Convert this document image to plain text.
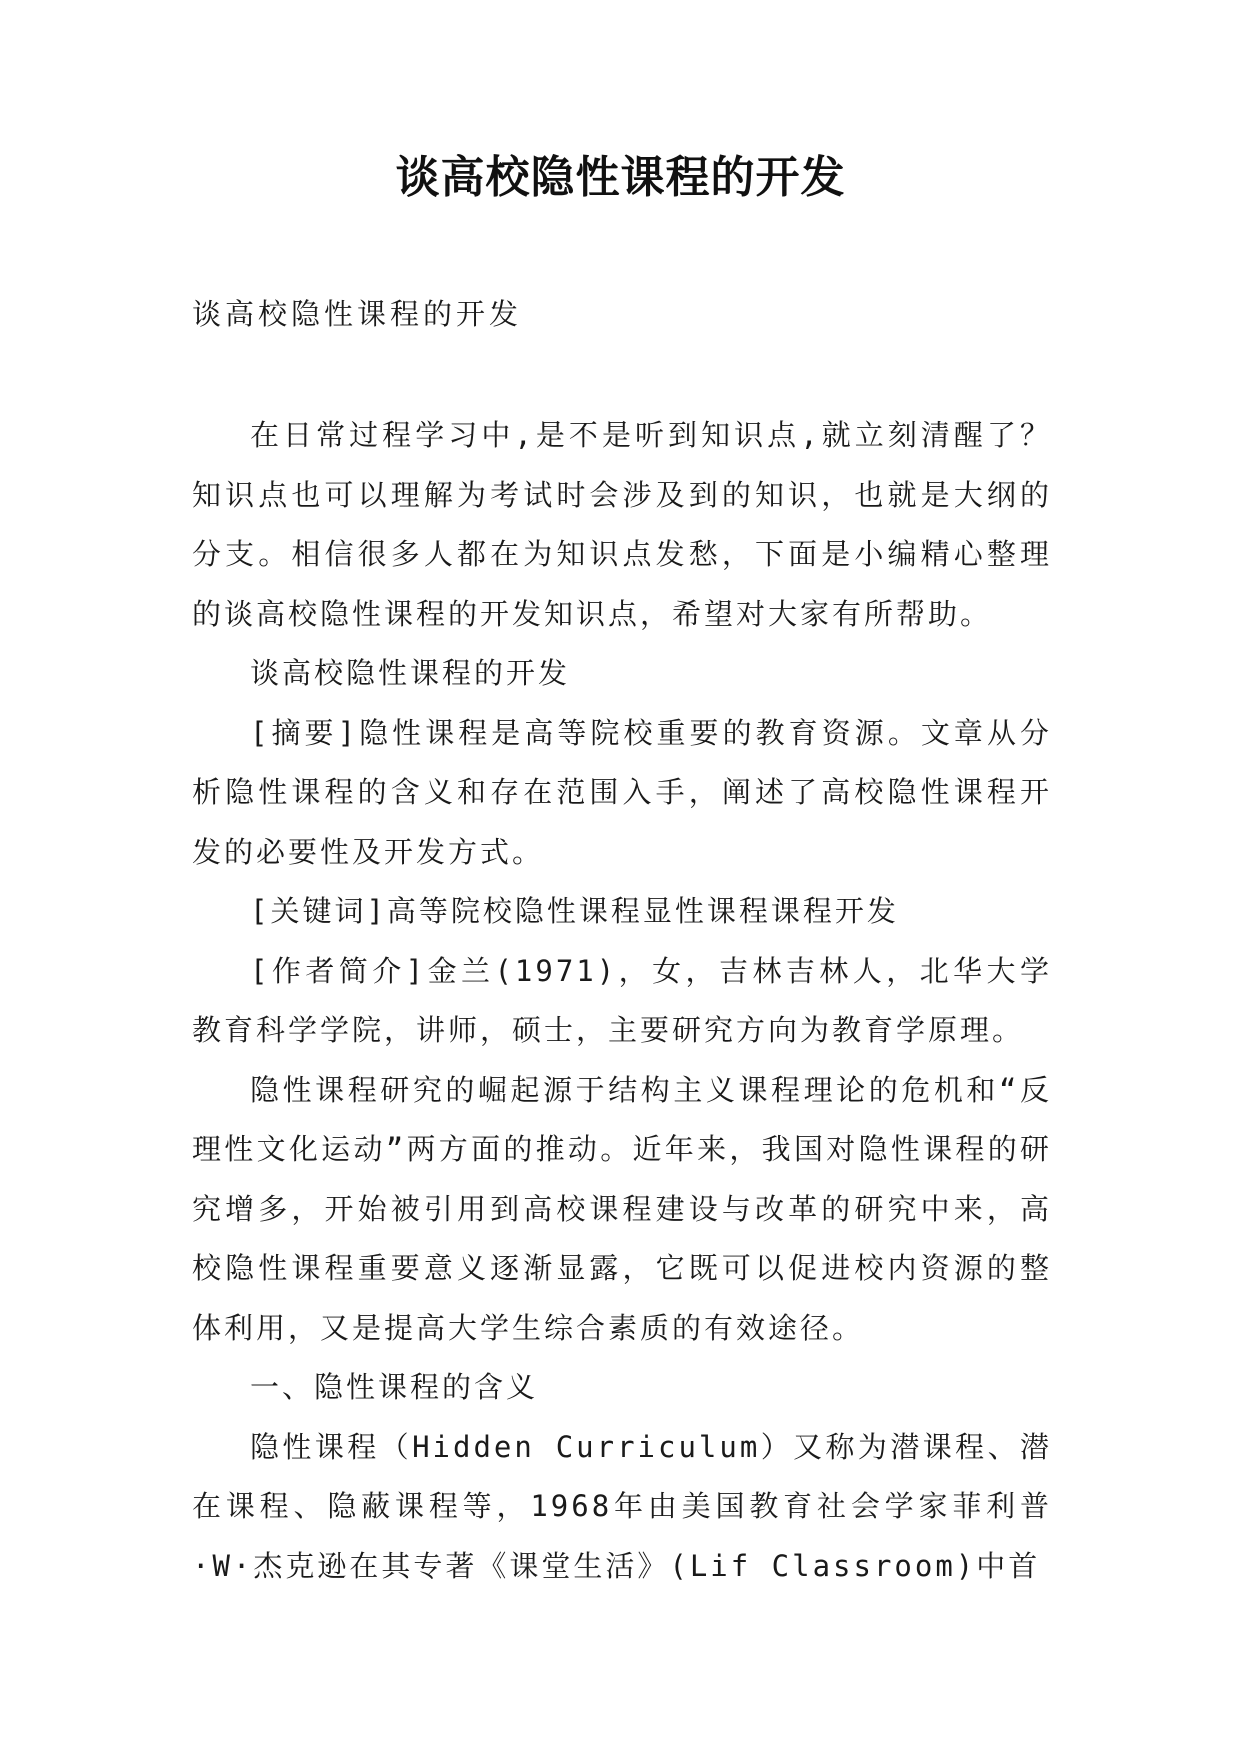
谈高校隐性课程的开发
谈高校隐性课程的开发

在日常过程学习中,是不是听到知识点,就立刻清醒了？知识点也可以理解为考试时会涉及到的知识，也就是大纲的分支。相信很多人都在为知识点发愁，下面是小编精心整理的谈高校隐性课程的开发知识点，希望对大家有所帮助。

谈高校隐性课程的开发

[摘要]隐性课程是高等院校重要的教育资源。文章从分析隐性课程的含义和存在范围入手，阐述了高校隐性课程开发的必要性及开发方式。

[关键词]高等院校隐性课程显性课程课程开发

[作者简介]金兰(1971)，女，吉林吉林人，北华大学教育科学学院，讲师，硕士，主要研究方向为教育学原理。

隐性课程研究的崛起源于结构主义课程理论的危机和“反理性文化运动”两方面的推动。近年来，我国对隐性课程的研究增多，开始被引用到高校课程建设与改革的研究中来，高校隐性课程重要意义逐渐显露，它既可以促进校内资源的整体利用，又是提高大学生综合素质的有效途径。

一、隐性课程的含义

隐性课程（Hidden Curriculum）又称为潜课程、潜在课程、隐蔽课程等，1968年由美国教育社会学家菲利普·W·杰克逊在其专著《课堂生活》(Lif Classroom)中首
